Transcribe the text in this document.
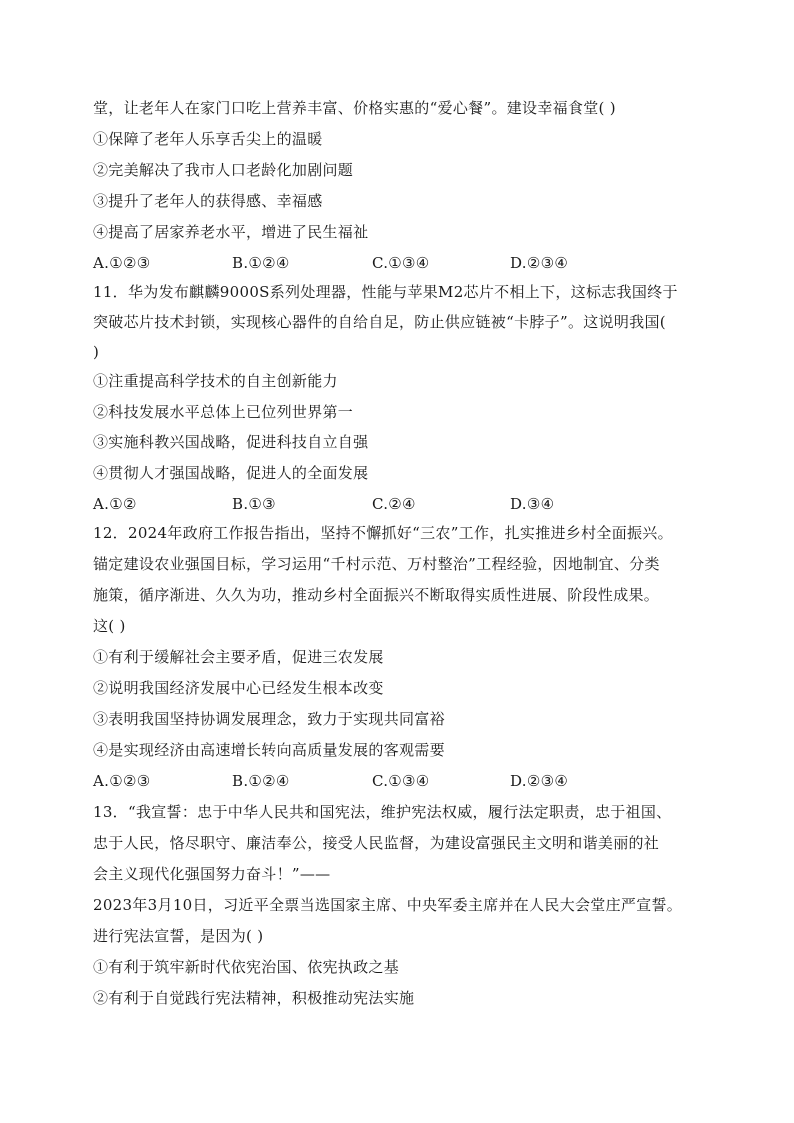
堂，让老年人在家门口吃上营养丰富、价格实惠的“爱心餐”。建设幸福食堂( )
①保障了老年人乐享舌尖上的温暖
②完美解决了我市人口老龄化加剧问题
③提升了老年人的获得感、幸福感
④提高了居家养老水平，增进了民生福祉
A.①②③	B.①②④	C.①③④	D.②③④
11．华为发布麒麟9000S系列处理器，性能与苹果M2芯片不相上下，这标志我国终于
突破芯片技术封锁，实现核心器件的自给自足，防止供应链被“卡脖子”。这说明我国(
)
①注重提高科学技术的自主创新能力
②科技发展水平总体上已位列世界第一
③实施科教兴国战略，促进科技自立自强
④贯彻人才强国战略，促进人的全面发展
A.①②	B.①③	C.②④	D.③④
12．2024年政府工作报告指出，坚持不懈抓好“三农”工作，扎实推进乡村全面振兴。
锚定建设农业强国目标，学习运用“千村示范、万村整治”工程经验，因地制宜、分类
施策，循序渐进、久久为功，推动乡村全面振兴不断取得实质性进展、阶段性成果。
这( )
①有利于缓解社会主要矛盾，促进三农发展
②说明我国经济发展中心已经发生根本改变
③表明我国坚持协调发展理念，致力于实现共同富裕
④是实现经济由高速增长转向高质量发展的客观需要
A.①②③	B.①②④	C.①③④	D.②③④
13．“我宣誓：忠于中华人民共和国宪法，维护宪法权威，履行法定职责，忠于祖国、
忠于人民，恪尽职守、廉洁奉公，接受人民监督，为建设富强民主文明和谐美丽的社
会主义现代化强国努力奋斗！”——
2023年3月10日，习近平全票当选国家主席、中央军委主席并在人民大会堂庄严宣誓。
进行宪法宣誓，是因为( )
①有利于筑牢新时代依宪治国、依宪执政之基
②有利于自觉践行宪法精神，积极推动宪法实施
